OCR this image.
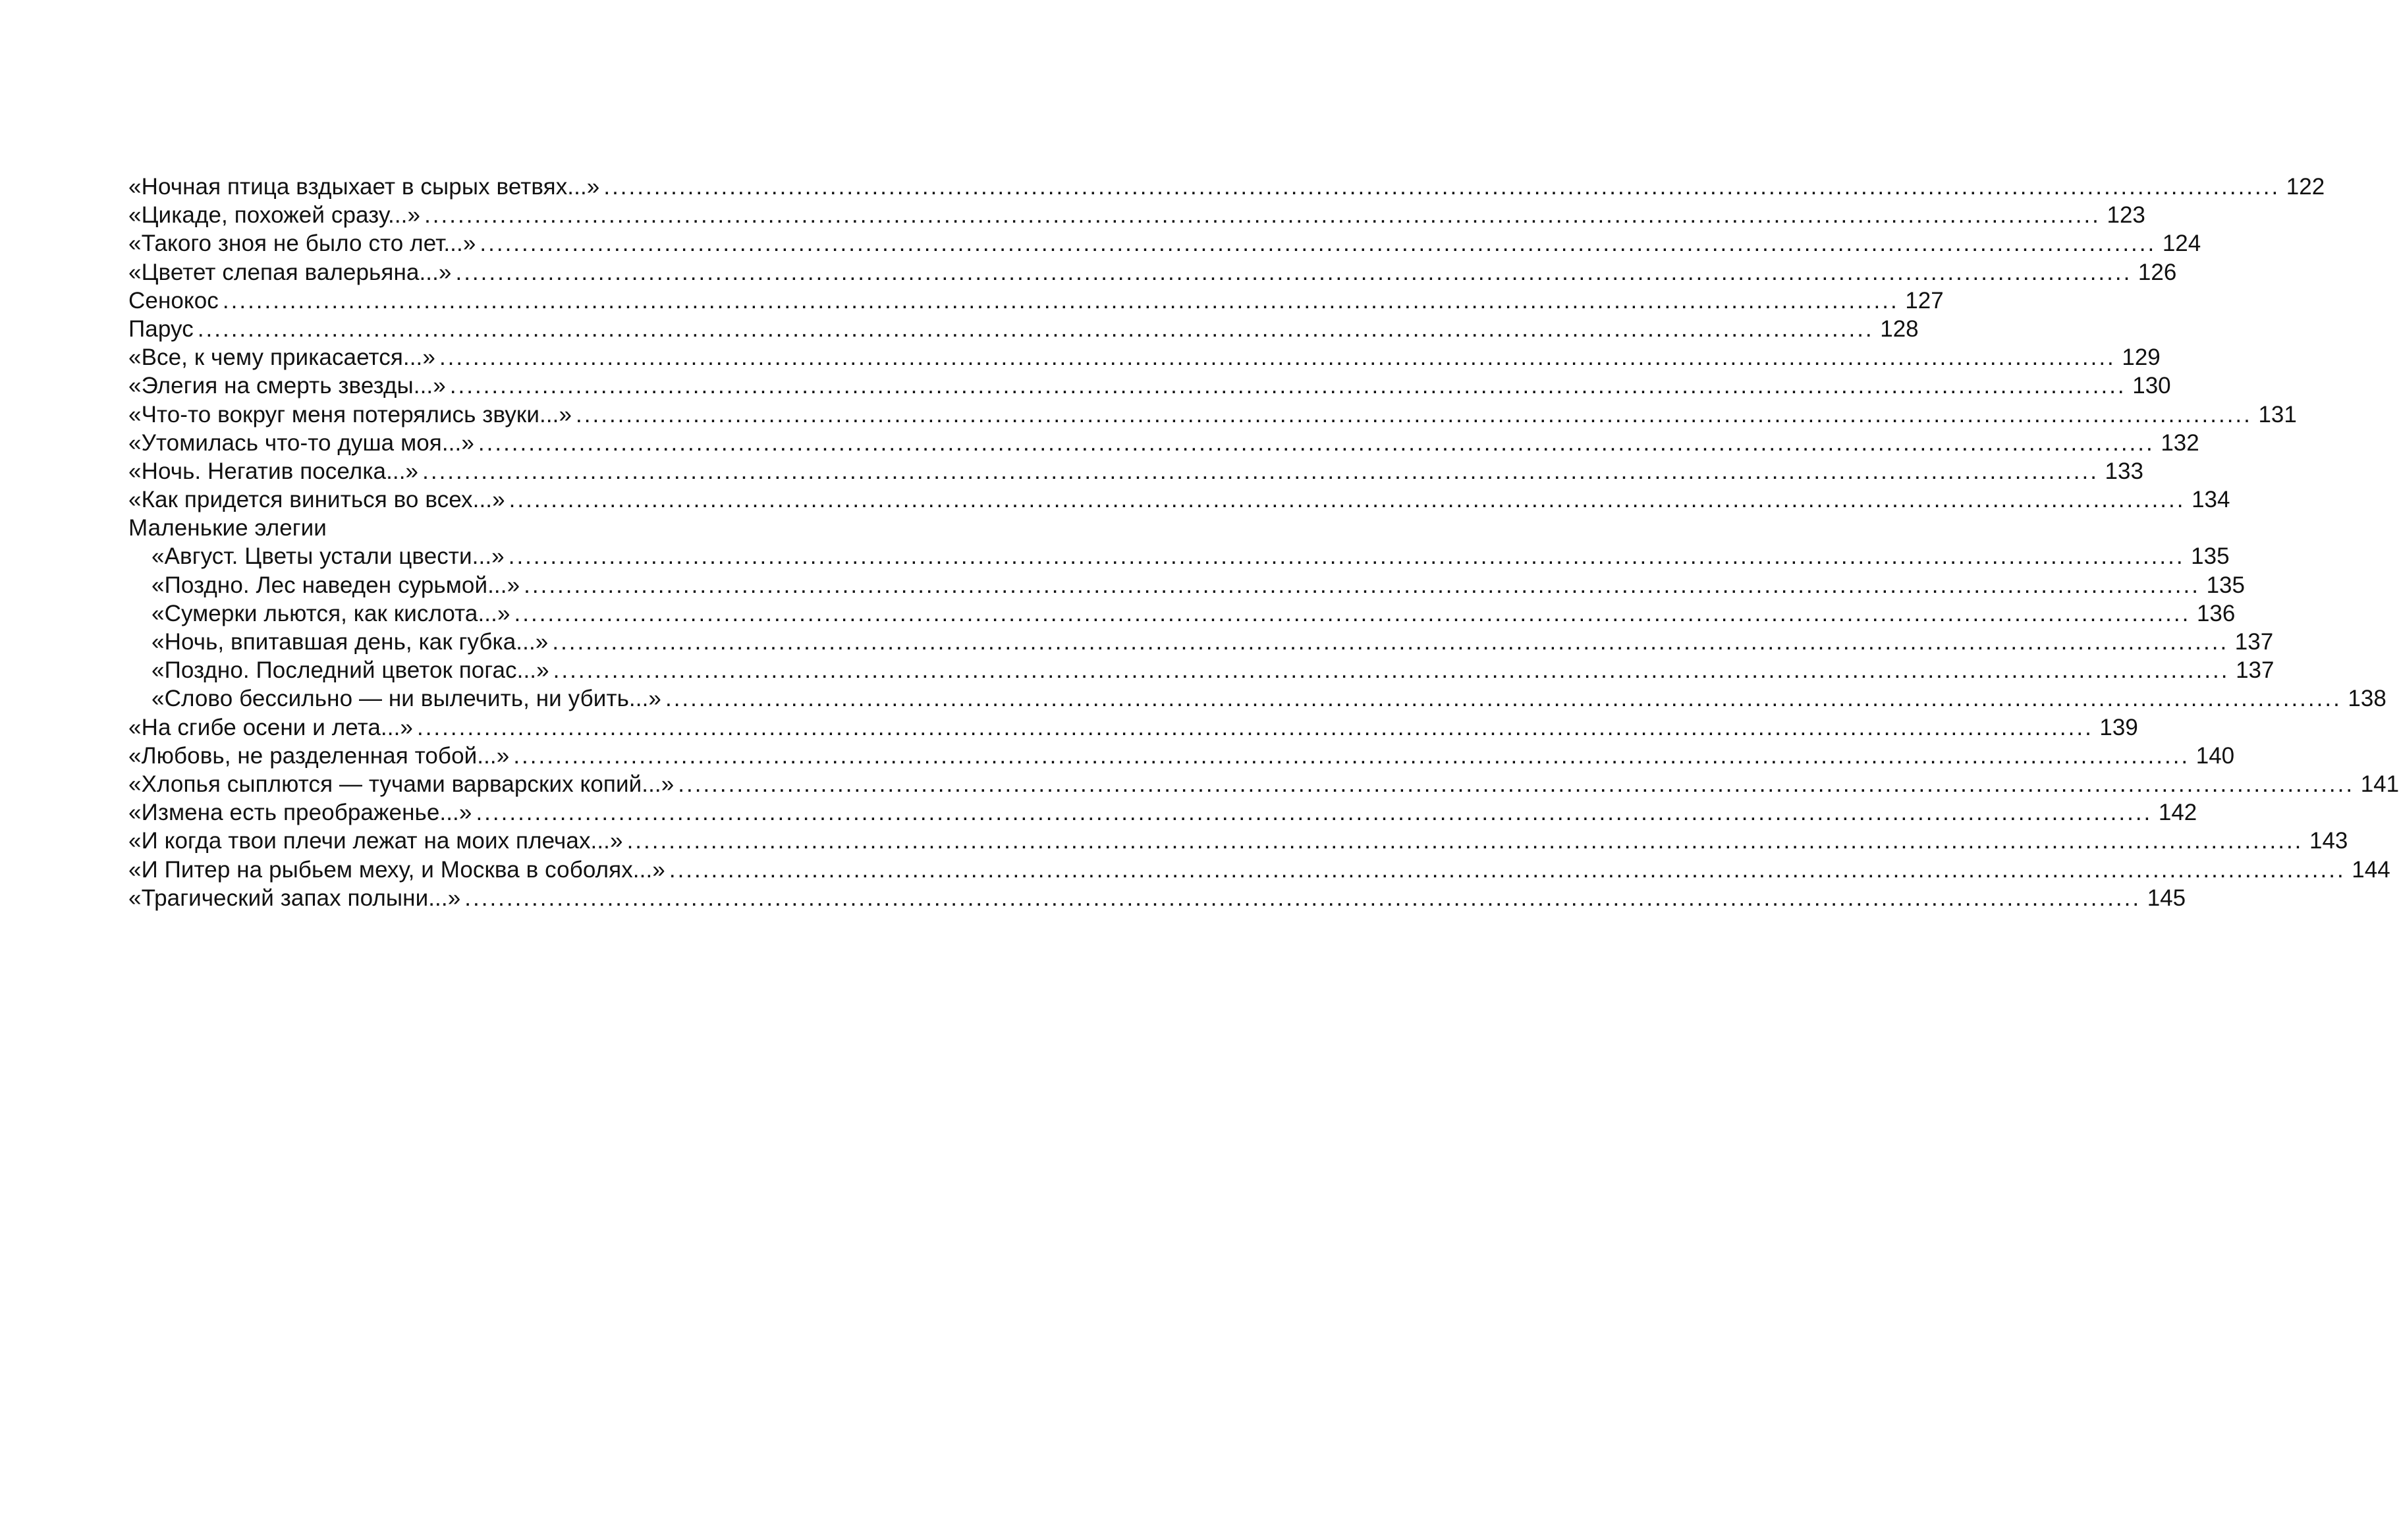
«Ночная птица вздыхает в сырых ветвях...» ........................................................................................................................................................................................................ 122
«Цикаде, похожей сразу...» ........................................................................................................................................................................................................ 123
«Такого зноя не было сто лет...» ........................................................................................................................................................................................................ 124
«Цветет слепая валерьяна...» ........................................................................................................................................................................................................ 126
Сенокос ........................................................................................................................................................................................................ 127
Парус ........................................................................................................................................................................................................ 128
«Все, к чему прикасается...» ........................................................................................................................................................................................................ 129
«Элегия на смерть звезды...» ........................................................................................................................................................................................................ 130
«Что-то вокруг меня потерялись звуки...» ........................................................................................................................................................................................................ 131
«Утомилась что-то душа моя...» ........................................................................................................................................................................................................ 132
«Ночь. Негатив поселка...» ........................................................................................................................................................................................................ 133
«Как придется виниться во всех...» ........................................................................................................................................................................................................ 134
Маленькие элегии
«Август. Цветы устали цвести...» ........................................................................................................................................................................................................ 135
«Поздно. Лес наведен сурьмой...» ........................................................................................................................................................................................................ 135
«Сумерки льются, как кислота...» ........................................................................................................................................................................................................ 136
«Ночь, впитавшая день, как губка...» ........................................................................................................................................................................................................ 137
«Поздно. Последний цветок погас...» ........................................................................................................................................................................................................ 137
«Слово бессильно — ни вылечить, ни убить...» ........................................................................................................................................................................................................ 138
«На сгибе осени и лета...» ........................................................................................................................................................................................................ 139
«Любовь, не разделенная тобой...» ........................................................................................................................................................................................................ 140
«Хлопья сыплются — тучами варварских копий...» ........................................................................................................................................................................................................ 141
«Измена есть преображенье...» ........................................................................................................................................................................................................ 142
«И когда твои плечи лежат на моих плечах...» ........................................................................................................................................................................................................ 143
«И Питер на рыбьем меху, и Москва в соболях...» ........................................................................................................................................................................................................ 144
«Трагический запах полыни...» ........................................................................................................................................................................................................ 145
